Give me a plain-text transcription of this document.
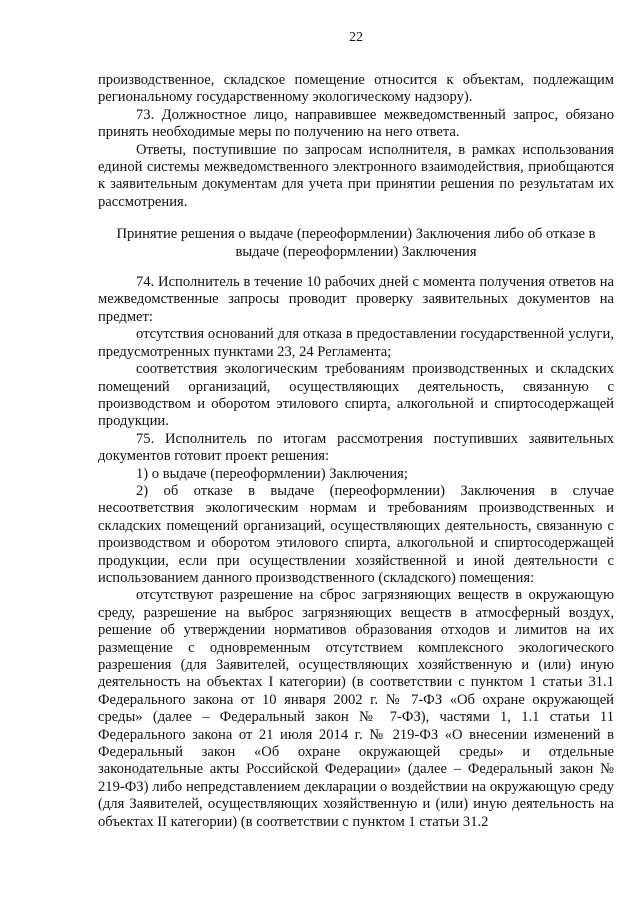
22

производственное, складское помещение относится к объектам, подлежащим региональному государственному экологическому надзору).

73. Должностное лицо, направившее межведомственный запрос, обязано принять необходимые меры по получению на него ответа.

Ответы, поступившие по запросам исполнителя, в рамках использования единой системы межведомственного электронного взаимодействия, приобщаются к заявительным документам для учета при принятии решения по результатам их рассмотрения.

Принятие решения о выдаче (переоформлении) Заключения либо об отказе в выдаче (переоформлении) Заключения

74. Исполнитель в течение 10 рабочих дней с момента получения ответов на межведомственные запросы проводит проверку заявительных документов на предмет:

отсутствия оснований для отказа в предоставлении государственной услуги, предусмотренных пунктами 23, 24 Регламента;

соответствия экологическим требованиям производственных и складских помещений организаций, осуществляющих деятельность, связанную с производством и оборотом этилового спирта, алкогольной и спиртосодержащей продукции.

75. Исполнитель по итогам рассмотрения поступивших заявительных документов готовит проект решения:

1) о выдаче (переоформлении) Заключения;

2) об отказе в выдаче (переоформлении) Заключения в случае несоответствия экологическим нормам и требованиям производственных и складских помещений организаций, осуществляющих деятельность, связанную с производством и оборотом этилового спирта, алкогольной и спиртосодержащей продукции, если при осуществлении хозяйственной и иной деятельности с использованием данного производственного (складского) помещения:

отсутствуют разрешение на сброс загрязняющих веществ в окружающую среду, разрешение на выброс загрязняющих веществ в атмосферный воздух, решение об утверждении нормативов образования отходов и лимитов на их размещение с одновременным отсутствием комплексного экологического разрешения (для Заявителей, осуществляющих хозяйственную и (или) иную деятельность на объектах I категории) (в соответствии с пунктом 1 статьи 31.1 Федерального закона от 10 января 2002 г. № 7-ФЗ «Об охране окружающей среды» (далее – Федеральный закон № 7-ФЗ), частями 1, 1.1 статьи 11 Федерального закона от 21 июля 2014 г. № 219-ФЗ «О внесении изменений в Федеральный закон «Об охране окружающей среды» и отдельные законодательные акты Российской Федерации» (далее – Федеральный закон № 219-ФЗ) либо непредставлением декларации о воздействии на окружающую среду (для Заявителей, осуществляющих хозяйственную и (или) иную деятельность на объектах II категории) (в соответствии с пунктом 1 статьи 31.2
